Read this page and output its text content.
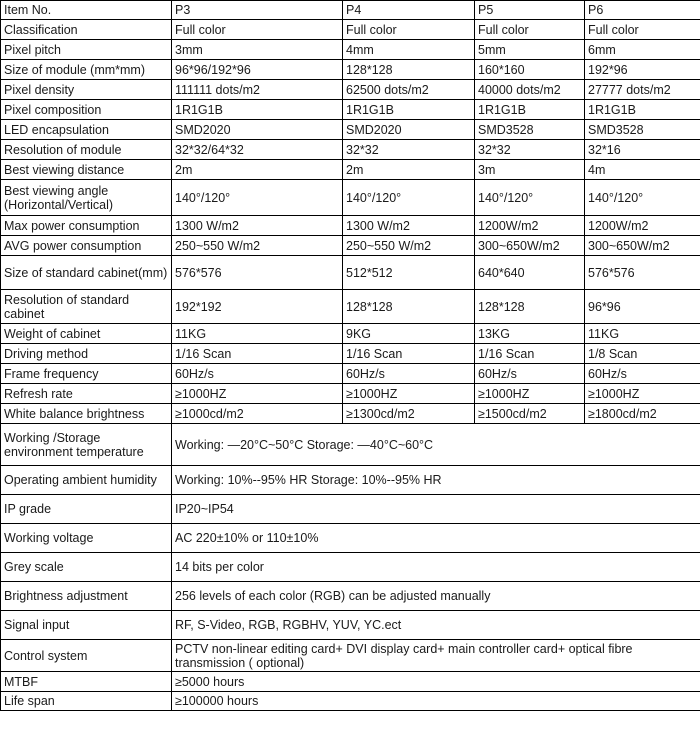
Item No.	P3	P4	P5	P6
Classification	Full color	Full color	Full color	Full color
Pixel pitch	3mm	4mm	5mm	6mm
Size of module (mm*mm)	96*96/192*96	128*128	160*160	192*96
Pixel density	111111 dots/m2	62500 dots/m2	40000 dots/m2	27777 dots/m2
Pixel composition	1R1G1B	1R1G1B	1R1G1B	1R1G1B
LED encapsulation	SMD2020	SMD2020	SMD3528	SMD3528
Resolution of module	32*32/64*32	32*32	32*32	32*16
Best viewing distance	2m	2m	3m	4m
Best viewing angle (Horizontal/Vertical)	140°/120°	140°/120°	140°/120°	140°/120°
Max power consumption	1300 W/m2	1300 W/m2	1200W/m2	1200W/m2
AVG power consumption	250~550 W/m2	250~550 W/m2	300~650W/m2	300~650W/m2
Size of standard cabinet(mm)	576*576	512*512	640*640	576*576
Resolution of standard cabinet	192*192	128*128	128*128	96*96
Weight of cabinet	11KG	9KG	13KG	11KG
Driving method	1/16 Scan	1/16 Scan	1/16 Scan	1/8 Scan
Frame frequency	60Hz/s	60Hz/s	60Hz/s	60Hz/s
Refresh rate	≥1000HZ	≥1000HZ	≥1000HZ	≥1000HZ
White balance brightness	≥1000cd/m2	≥1300cd/m2	≥1500cd/m2	≥1800cd/m2
Working /Storage environment temperature	Working: —20°C~50°C Storage: —40°C~60°C			
Operating ambient humidity	Working: 10%--95% HR Storage: 10%--95% HR			
IP grade	IP20~IP54			
Working voltage	AC 220±10% or 110±10%			
Grey scale	14 bits per color			
Brightness adjustment	256 levels of each color (RGB) can be adjusted manually			
Signal input	RF, S-Video, RGB, RGBHV, YUV, YC.ect			
Control system	PCTV non-linear editing card+ DVI display card+ main controller card+ optical fibre transmission ( optional)			
MTBF	≥5000 hours			
Life span	≥100000 hours			
